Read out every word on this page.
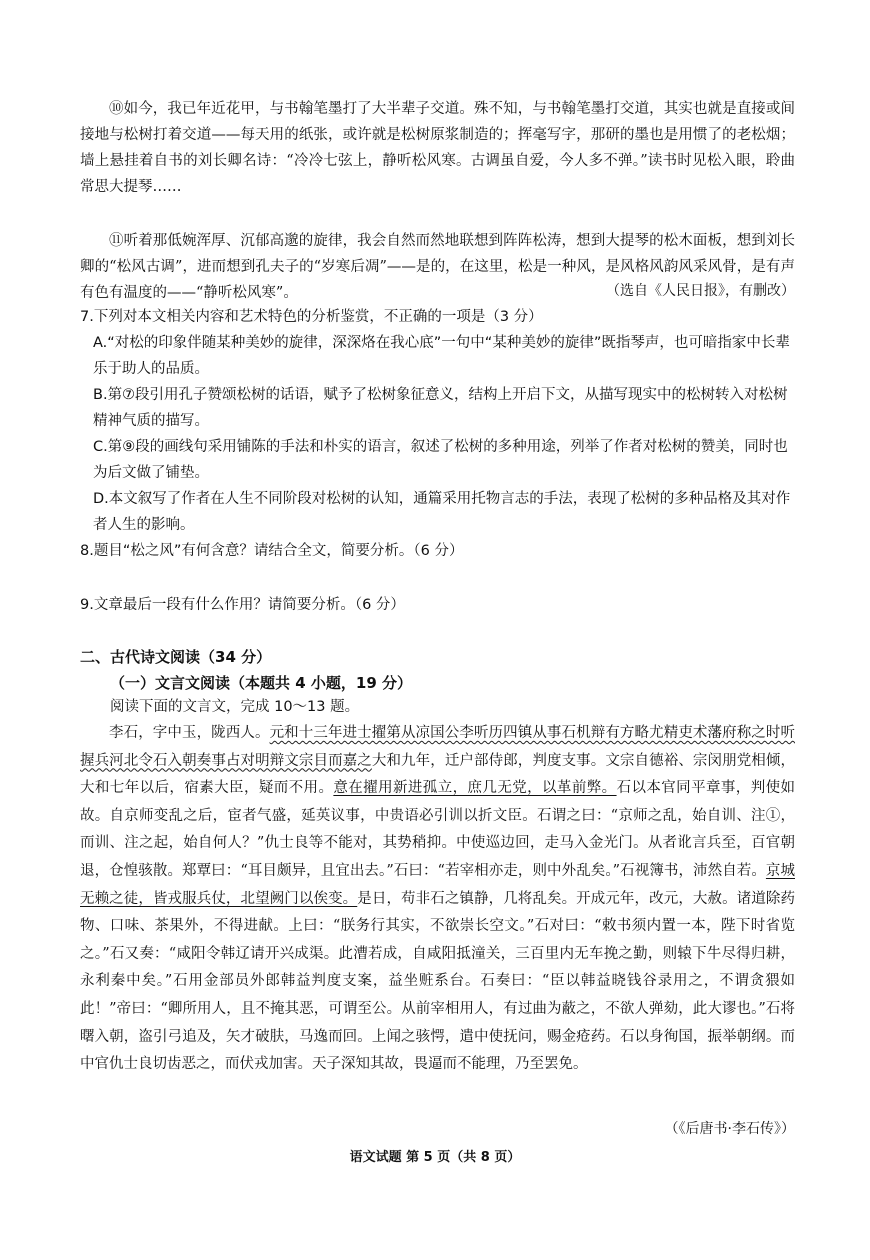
⑩如今，我已年近花甲，与书翰笔墨打了大半辈子交道。殊不知，与书翰笔墨打交道，其实也就是直接或间接地与松树打着交道——每天用的纸张，或许就是松树原浆制造的；挥毫写字，那研的墨也是用惯了的老松烟；墙上悬挂着自书的刘长卿名诗：“冷冷七弦上，静听松风寒。古调虽自爱，今人多不弹。”读书时见松入眼，聆曲常思大提琴……
⑪听着那低婉浑厚、沉郁高邈的旋律，我会自然而然地联想到阵阵松涛，想到大提琴的松木面板，想到刘长卿的“松风古调”，进而想到孔夫子的“岁寒后凋”——是的，在这里，松是一种风，是风格风韵风采风骨，是有声有色有温度的——“静听松风寒”。	（选自《人民日报》，有删改）
7.下列对本文相关内容和艺术特色的分析鉴赏，不正确的一项是（3 分）
A.“对松的印象伴随某种美妙的旋律，深深烙在我心底”一句中“某种美妙的旋律”既指琴声，也可暗指家中长辈乐于助人的品质。
B.第⑦段引用孔子赞颂松树的话语，赋予了松树象征意义，结构上开启下文，从描写现实中的松树转入对松树精神气质的描写。
C.第⑨段的画线句采用铺陈的手法和朴实的语言，叙述了松树的多种用途，列举了作者对松树的赞美，同时也为后文做了铺垫。
D.本文叙写了作者在人生不同阶段对松树的认知，通篇采用托物言志的手法，表现了松树的多种品格及其对作者人生的影响。
8.题目“松之风”有何含意？请结合全文，简要分析。（6 分）
9.文章最后一段有什么作用？请简要分析。（6 分）
二、古代诗文阅读（34 分）
（一）文言文阅读（本题共 4 小题，19 分）
阅读下面的文言文，完成 10～13 题。
李石，字中玉，陇西人。元和十三年进士擢第从凉国公李听历四镇从事石机辩有方略尤精吏术藩府称之时听握兵河北令石入朝奏事占对明辩文宗目而嘉之大和九年，迁户部侍郎，判度支事。文宗自德裕、宗闵朋党相倾，大和七年以后，宿素大臣，疑而不用。意在擢用新进孤立，庶几无党，以革前弊。石以本官同平章事，判使如故。自京师变乱之后，宦者气盛，延英议事，中贵语必引训以折文臣。石谓之曰：“京师之乱，始自训、注①，而训、注之起，始自何人？”仇士良等不能对，其势稍抑。中使巡边回，走马入金光门。从者讹言兵至，百官朝退，仓惶骇散。郑覃曰：“耳目颇异，且宜出去。”石曰：“若宰相亦走，则中外乱矣。”石视簿书，沛然自若。京城无赖之徒，皆戎服兵仗，北望阙门以俟变。是日，苟非石之镇静，几将乱矣。开成元年，改元，大赦。诸道除药物、口味、茶果外，不得进献。上曰：“朕务行其实，不欲崇长空文。”石对曰：“敕书须内置一本，陛下时省览之。”石又奏：“咸阳令韩辽请开兴成渠。此漕若成，自咸阳抵潼关，三百里内无车挽之勤，则辕下牛尽得归耕，永利秦中矣。”石用金部员外郎韩益判度支案，益坐赃系台。石奏曰：“臣以韩益晓钱谷录用之，不谓贪猥如此！”帝曰：“卿所用人，且不掩其恶，可谓至公。从前宰相用人，有过曲为蔽之，不欲人弹劾，此大谬也。”石将曙入朝，盗引弓追及，矢才破肤，马逸而回。上闻之骇愕，遣中使抚问，赐金疮药。石以身徇国，振举朝纲。而中官仇士良切齿恶之，而伏戎加害。天子深知其故，畏逼而不能理，乃至罢免。
（《后唐书·李石传》）
语文试题 第 5 页（共 8 页）
